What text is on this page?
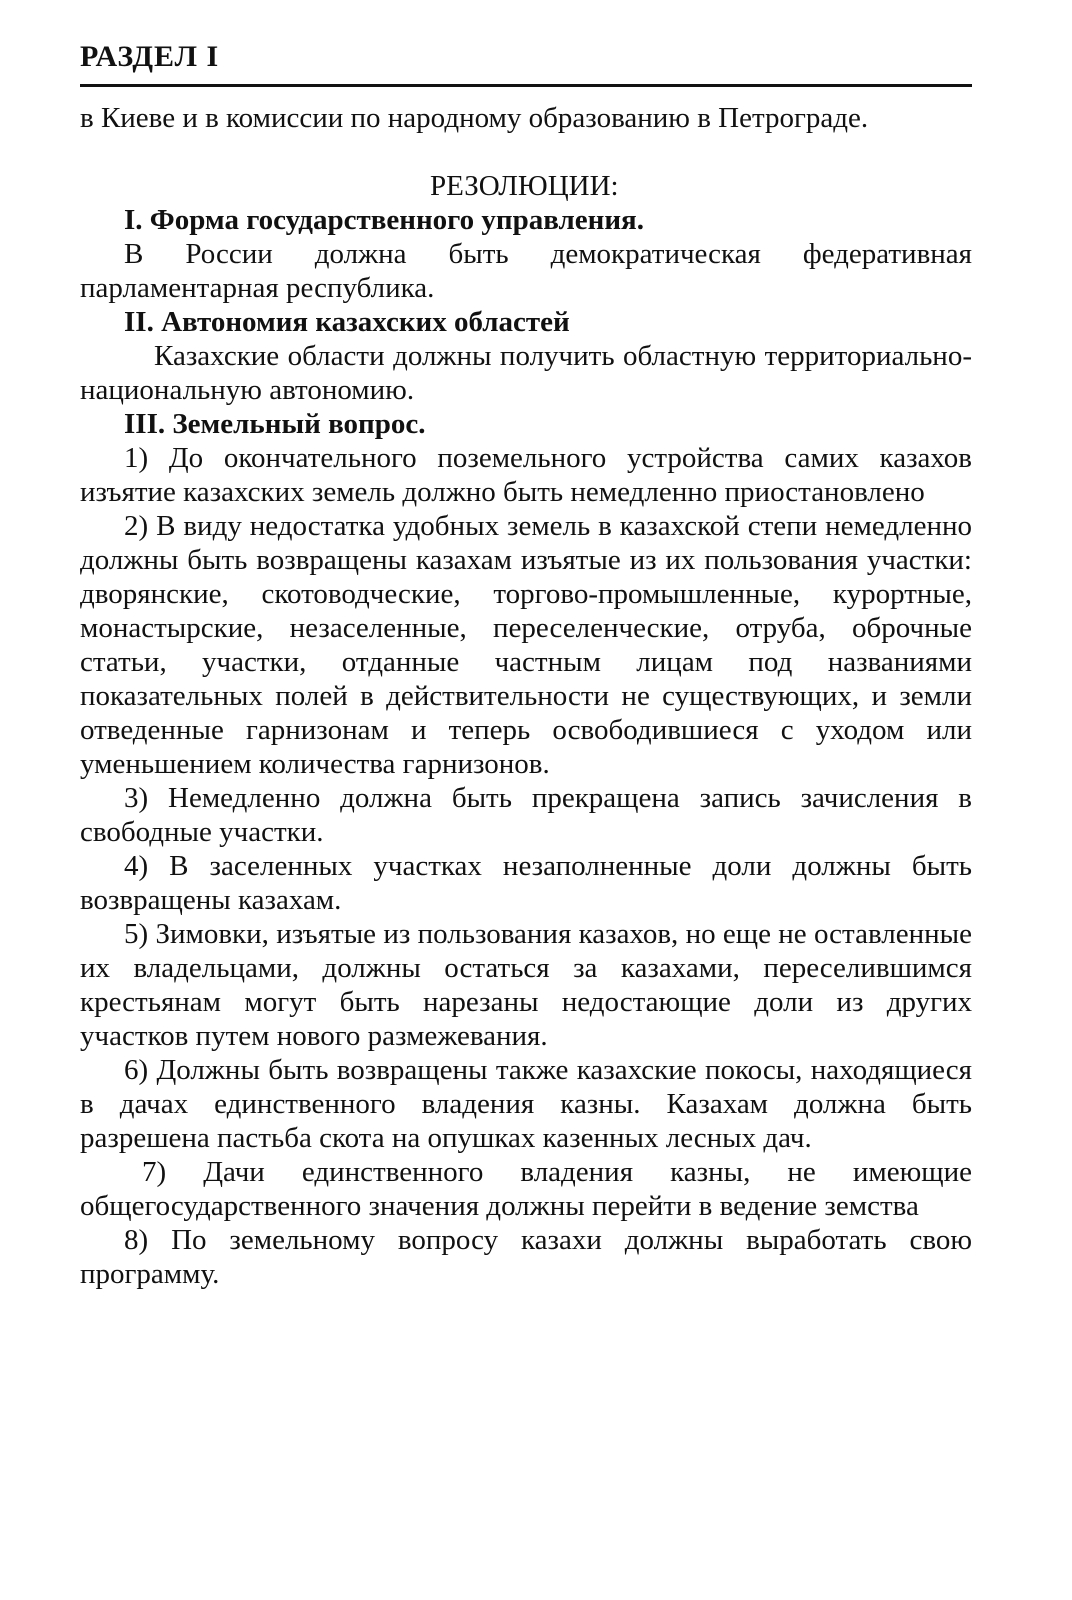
РАЗДЕЛ I

в Киеве и в комиссии по народному образованию в Петрограде.

РЕЗОЛЮЦИИ:

I. Форма государственного управления.

В России должна быть демократическая федеративная парламентарная республика.

II. Автономия казахских областей

Казахские области должны получить областную территориально-национальную автономию.

III. Земельный вопрос.

1) До окончательного поземельного устройства самих казахов изъятие казахских земель должно быть немедленно приостановлено

2) В виду недостатка удобных земель в казахской степи немедленно должны быть возвращены казахам изъятые из их пользования участки: дворянские, скотоводческие, торгово-промышленные, курортные, монастырские, незаселенные, переселенческие, отруба, оброчные статьи, участки, отданные частным лицам под названиями показательных полей в действительности не существующих, и земли отведенные гарнизонам и теперь освободившиеся с уходом или уменьшением количества гарнизонов.

3) Немедленно должна быть прекращена запись зачисления в свободные участки.

4) В заселенных участках незаполненные доли должны быть возвращены казахам.

5) Зимовки, изъятые из пользования казахов, но еще не оставленные их владельцами, должны остаться за казахами, переселившимся крестьянам могут быть нарезаны недостающие доли из других участков путем нового размежевания.

6) Должны быть возвращены также казахские покосы, находящиеся в дачах единственного владения казны. Казахам должна быть разрешена пастьба скота на опушках казенных лесных дач.

7) Дачи единственного владения казны, не имеющие общегосударственного значения должны перейти в ведение земства

8) По земельному вопросу казахи должны выработать свою программу.
